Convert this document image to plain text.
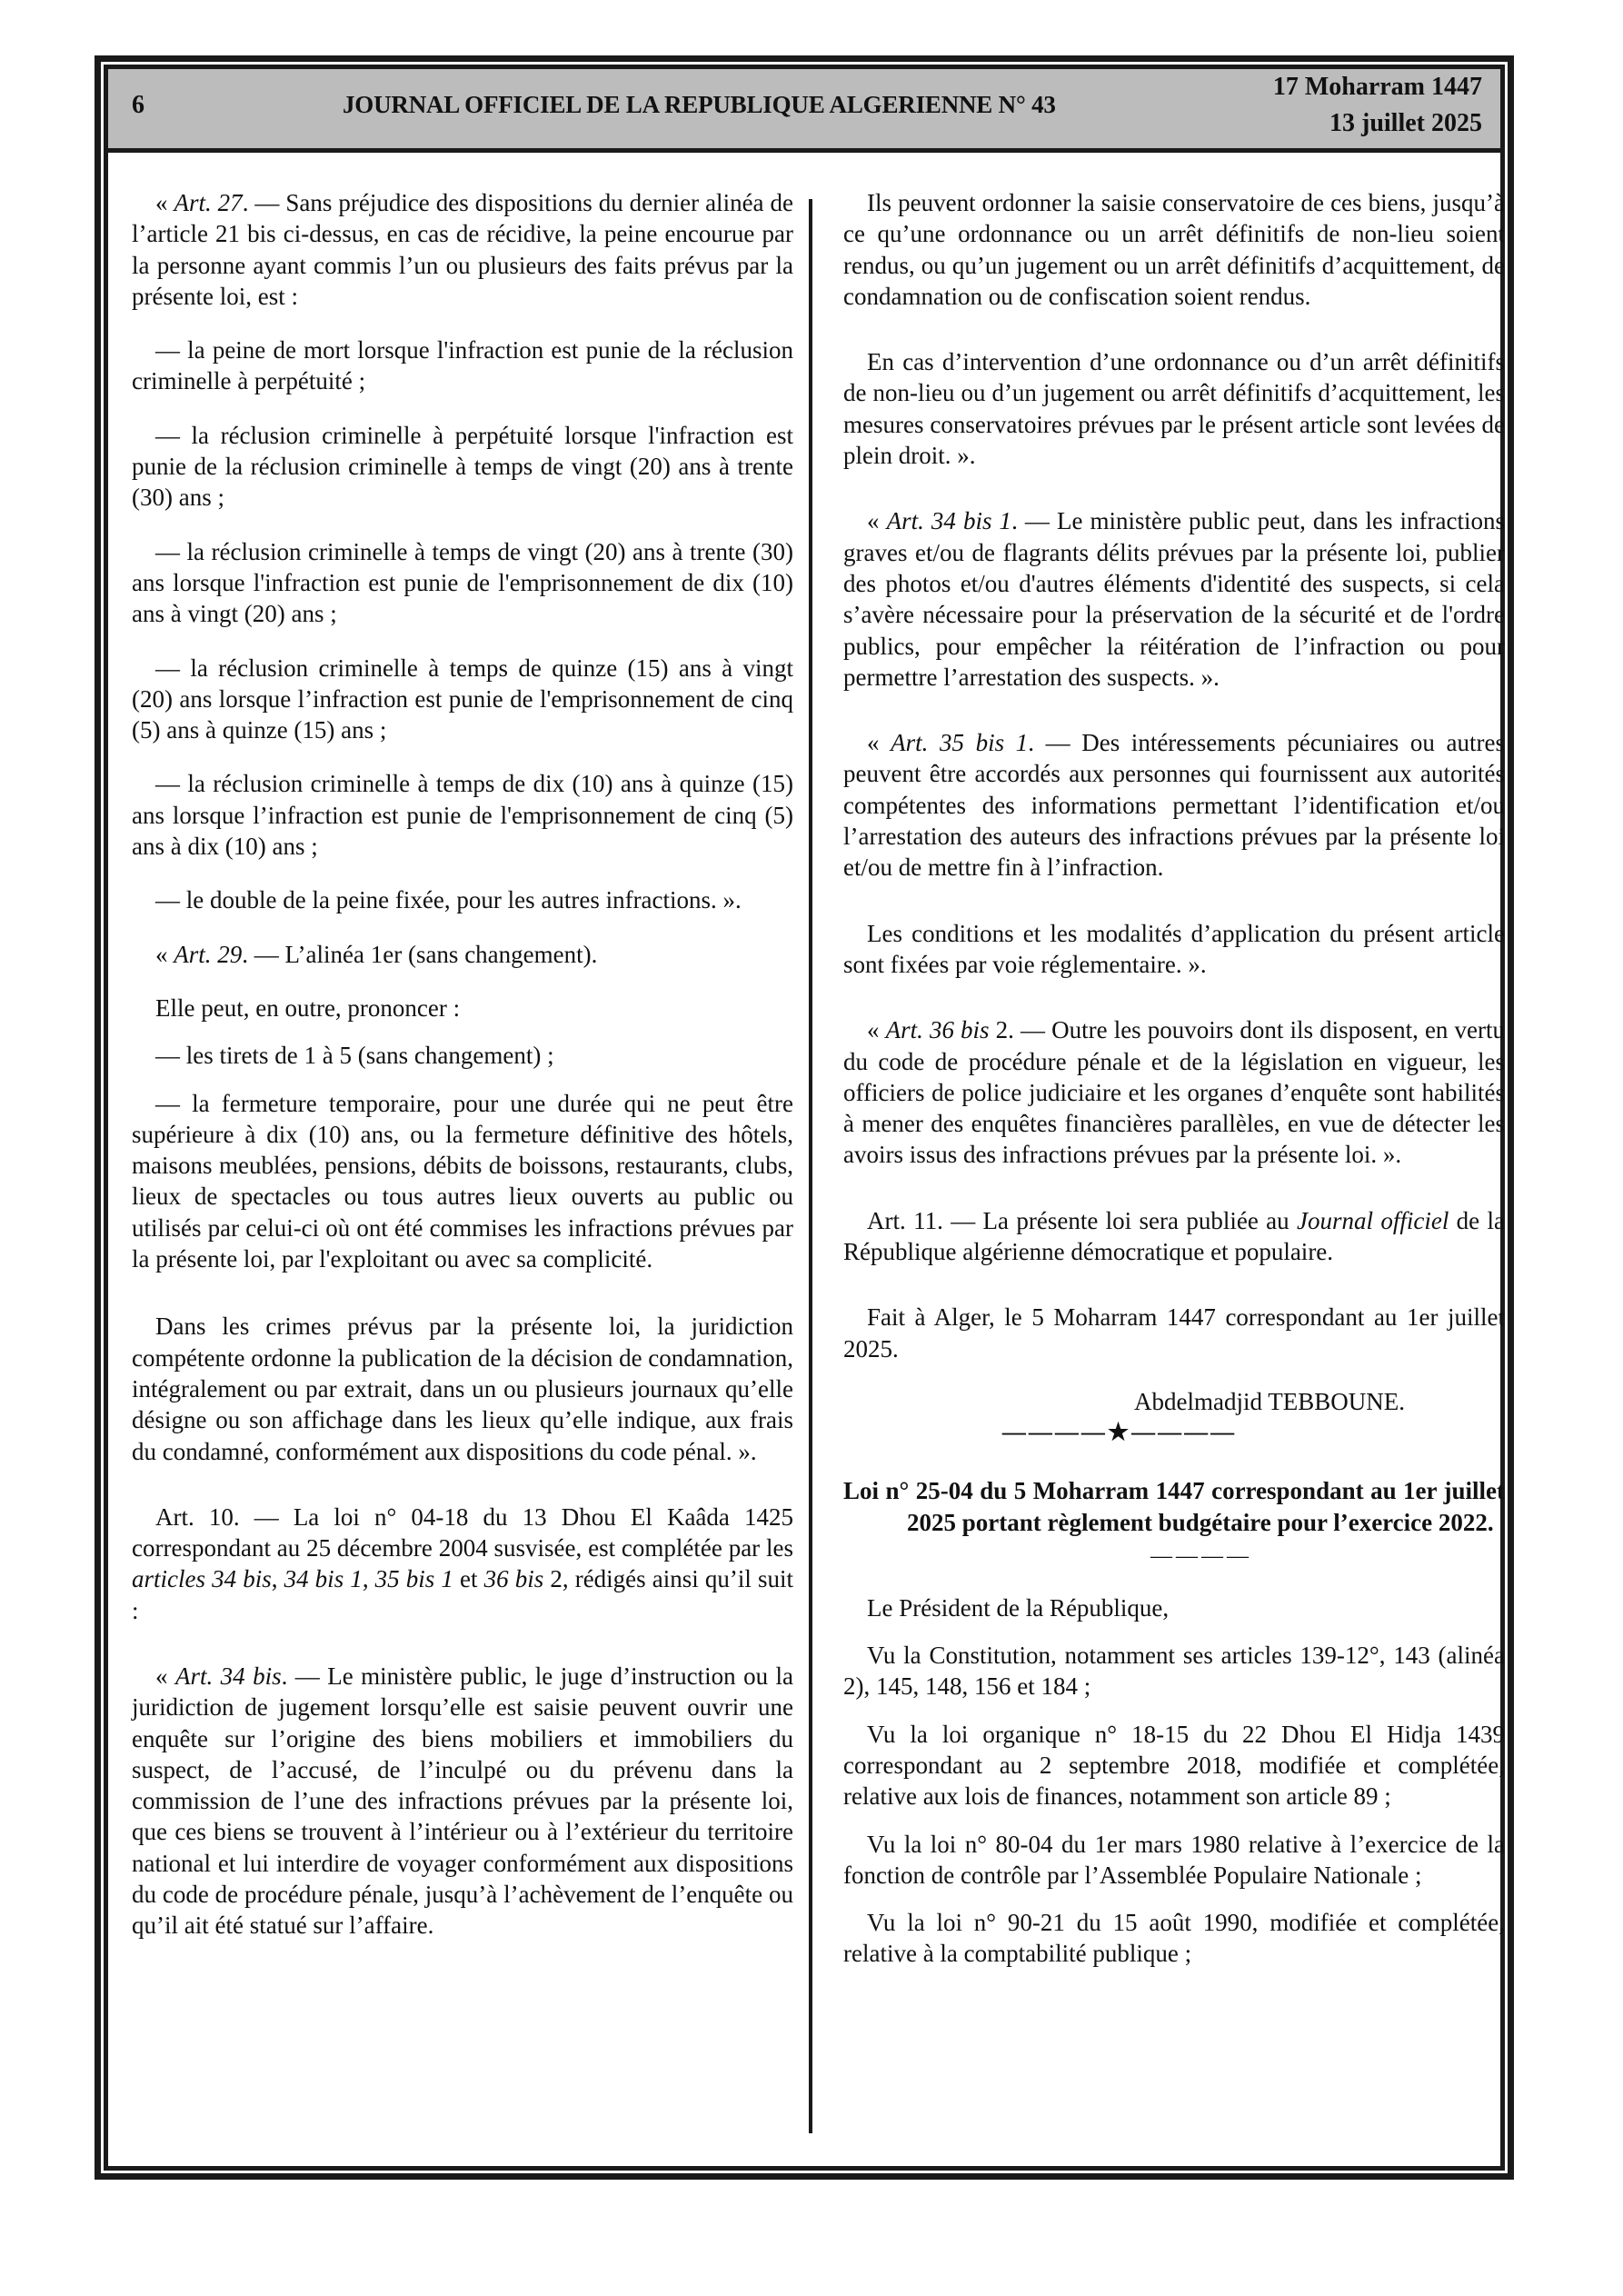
6	JOURNAL OFFICIEL DE LA REPUBLIQUE ALGERIENNE N° 43
17 Moharram 1447
13 juillet 2025

« Art. 27. — Sans préjudice des dispositions du dernier alinéa de l’article 21 bis ci-dessus, en cas de récidive, la peine encourue par la personne ayant commis l’un ou plusieurs des faits prévus par la présente loi, est :

— la peine de mort lorsque l'infraction est punie de la réclusion criminelle à perpétuité ;

— la réclusion criminelle à perpétuité lorsque l'infraction est punie de la réclusion criminelle à temps de vingt (20) ans à trente (30) ans ;

— la réclusion criminelle à temps de vingt (20) ans à trente (30) ans lorsque l'infraction est punie de l'emprisonnement de dix (10) ans à vingt (20) ans ;

— la réclusion criminelle à temps de quinze (15) ans à vingt (20) ans lorsque l’infraction est punie de l'emprisonnement de cinq (5) ans à quinze (15) ans ;

— la réclusion criminelle à temps de dix (10) ans à quinze (15) ans lorsque l’infraction est punie de l'emprisonnement de cinq (5) ans à dix (10) ans ;

— le double de la peine fixée, pour les autres infractions. ».

« Art. 29. — L’alinéa 1er (sans changement).

Elle peut, en outre, prononcer :

— les tirets de 1 à 5 (sans changement) ;

— la fermeture temporaire, pour une durée qui ne peut être supérieure à dix (10) ans, ou la fermeture définitive des hôtels, maisons meublées, pensions, débits de boissons, restaurants, clubs, lieux de spectacles ou tous autres lieux ouverts au public ou utilisés par celui-ci où ont été commises les infractions prévues par la présente loi, par l'exploitant ou avec sa complicité.

Dans les crimes prévus par la présente loi, la juridiction compétente ordonne la publication de la décision de condamnation, intégralement ou par extrait, dans un ou plusieurs journaux qu’elle désigne ou son affichage dans les lieux qu’elle indique, aux frais du condamné, conformément aux dispositions du code pénal. ».

Art. 10. — La loi n° 04-18 du 13 Dhou El Kaâda 1425 correspondant au 25 décembre 2004 susvisée, est complétée par les articles 34 bis, 34 bis 1, 35 bis 1 et 36 bis 2, rédigés ainsi qu’il suit :

« Art. 34 bis. — Le ministère public, le juge d’instruction ou la juridiction de jugement lorsqu’elle est saisie peuvent ouvrir une enquête sur l’origine des biens mobiliers et immobiliers du suspect, de l’accusé, de l’inculpé ou du prévenu dans la commission de l’une des infractions prévues par la présente loi, que ces biens se trouvent à l’intérieur ou à l’extérieur du territoire national et lui interdire de voyager conformément aux dispositions du code de procédure pénale, jusqu’à l’achèvement de l’enquête ou qu’il ait été statué sur l’affaire.

Ils peuvent ordonner la saisie conservatoire de ces biens, jusqu’à ce qu’une ordonnance ou un arrêt définitifs de non-lieu soient rendus, ou qu’un jugement ou un arrêt définitifs d’acquittement, de condamnation ou de confiscation soient rendus.

En cas d’intervention d’une ordonnance ou d’un arrêt définitifs de non-lieu ou d’un jugement ou arrêt définitifs d’acquittement, les mesures conservatoires prévues par le présent article sont levées de plein droit. ».

« Art. 34 bis 1. — Le ministère public peut, dans les infractions graves et/ou de flagrants délits prévues par la présente loi, publier des photos et/ou d'autres éléments d'identité des suspects, si cela s’avère nécessaire pour la préservation de la sécurité et de l'ordre publics, pour empêcher la réitération de l’infraction ou pour permettre l’arrestation des suspects. ».

« Art. 35 bis 1. — Des intéressements pécuniaires ou autres peuvent être accordés aux personnes qui fournissent aux autorités compétentes des informations permettant l’identification et/ou l’arrestation des auteurs des infractions prévues par la présente loi et/ou de mettre fin à l’infraction.

Les conditions et les modalités d’application du présent article sont fixées par voie réglementaire. ».

« Art. 36 bis 2. — Outre les pouvoirs dont ils disposent, en vertu du code de procédure pénale et de la législation en vigueur, les officiers de police judiciaire et les organes d’enquête sont habilités à mener des enquêtes financières parallèles, en vue de détecter les avoirs issus des infractions prévues par la présente loi. ».

Art. 11. — La présente loi sera publiée au Journal officiel de la République algérienne démocratique et populaire.

Fait à Alger, le 5 Moharram 1447 correspondant au 1er juillet 2025.

Abdelmadjid TEBBOUNE.

————★————

Loi n° 25-04 du 5 Moharram 1447 correspondant au 1er juillet 2025 portant règlement budgétaire pour l’exercice 2022.

————

Le Président de la République,

Vu la Constitution, notamment ses articles 139-12°, 143 (alinéa 2), 145, 148, 156 et 184 ;

Vu la loi organique n° 18-15 du 22 Dhou El Hidja 1439 correspondant au 2 septembre 2018, modifiée et complétée, relative aux lois de finances, notamment son article 89 ;

Vu la loi n° 80-04 du 1er mars 1980 relative à l’exercice de la fonction de contrôle par l’Assemblée Populaire Nationale ;

Vu la loi n° 90-21 du 15 août 1990, modifiée et complétée, relative à la comptabilité publique ;
